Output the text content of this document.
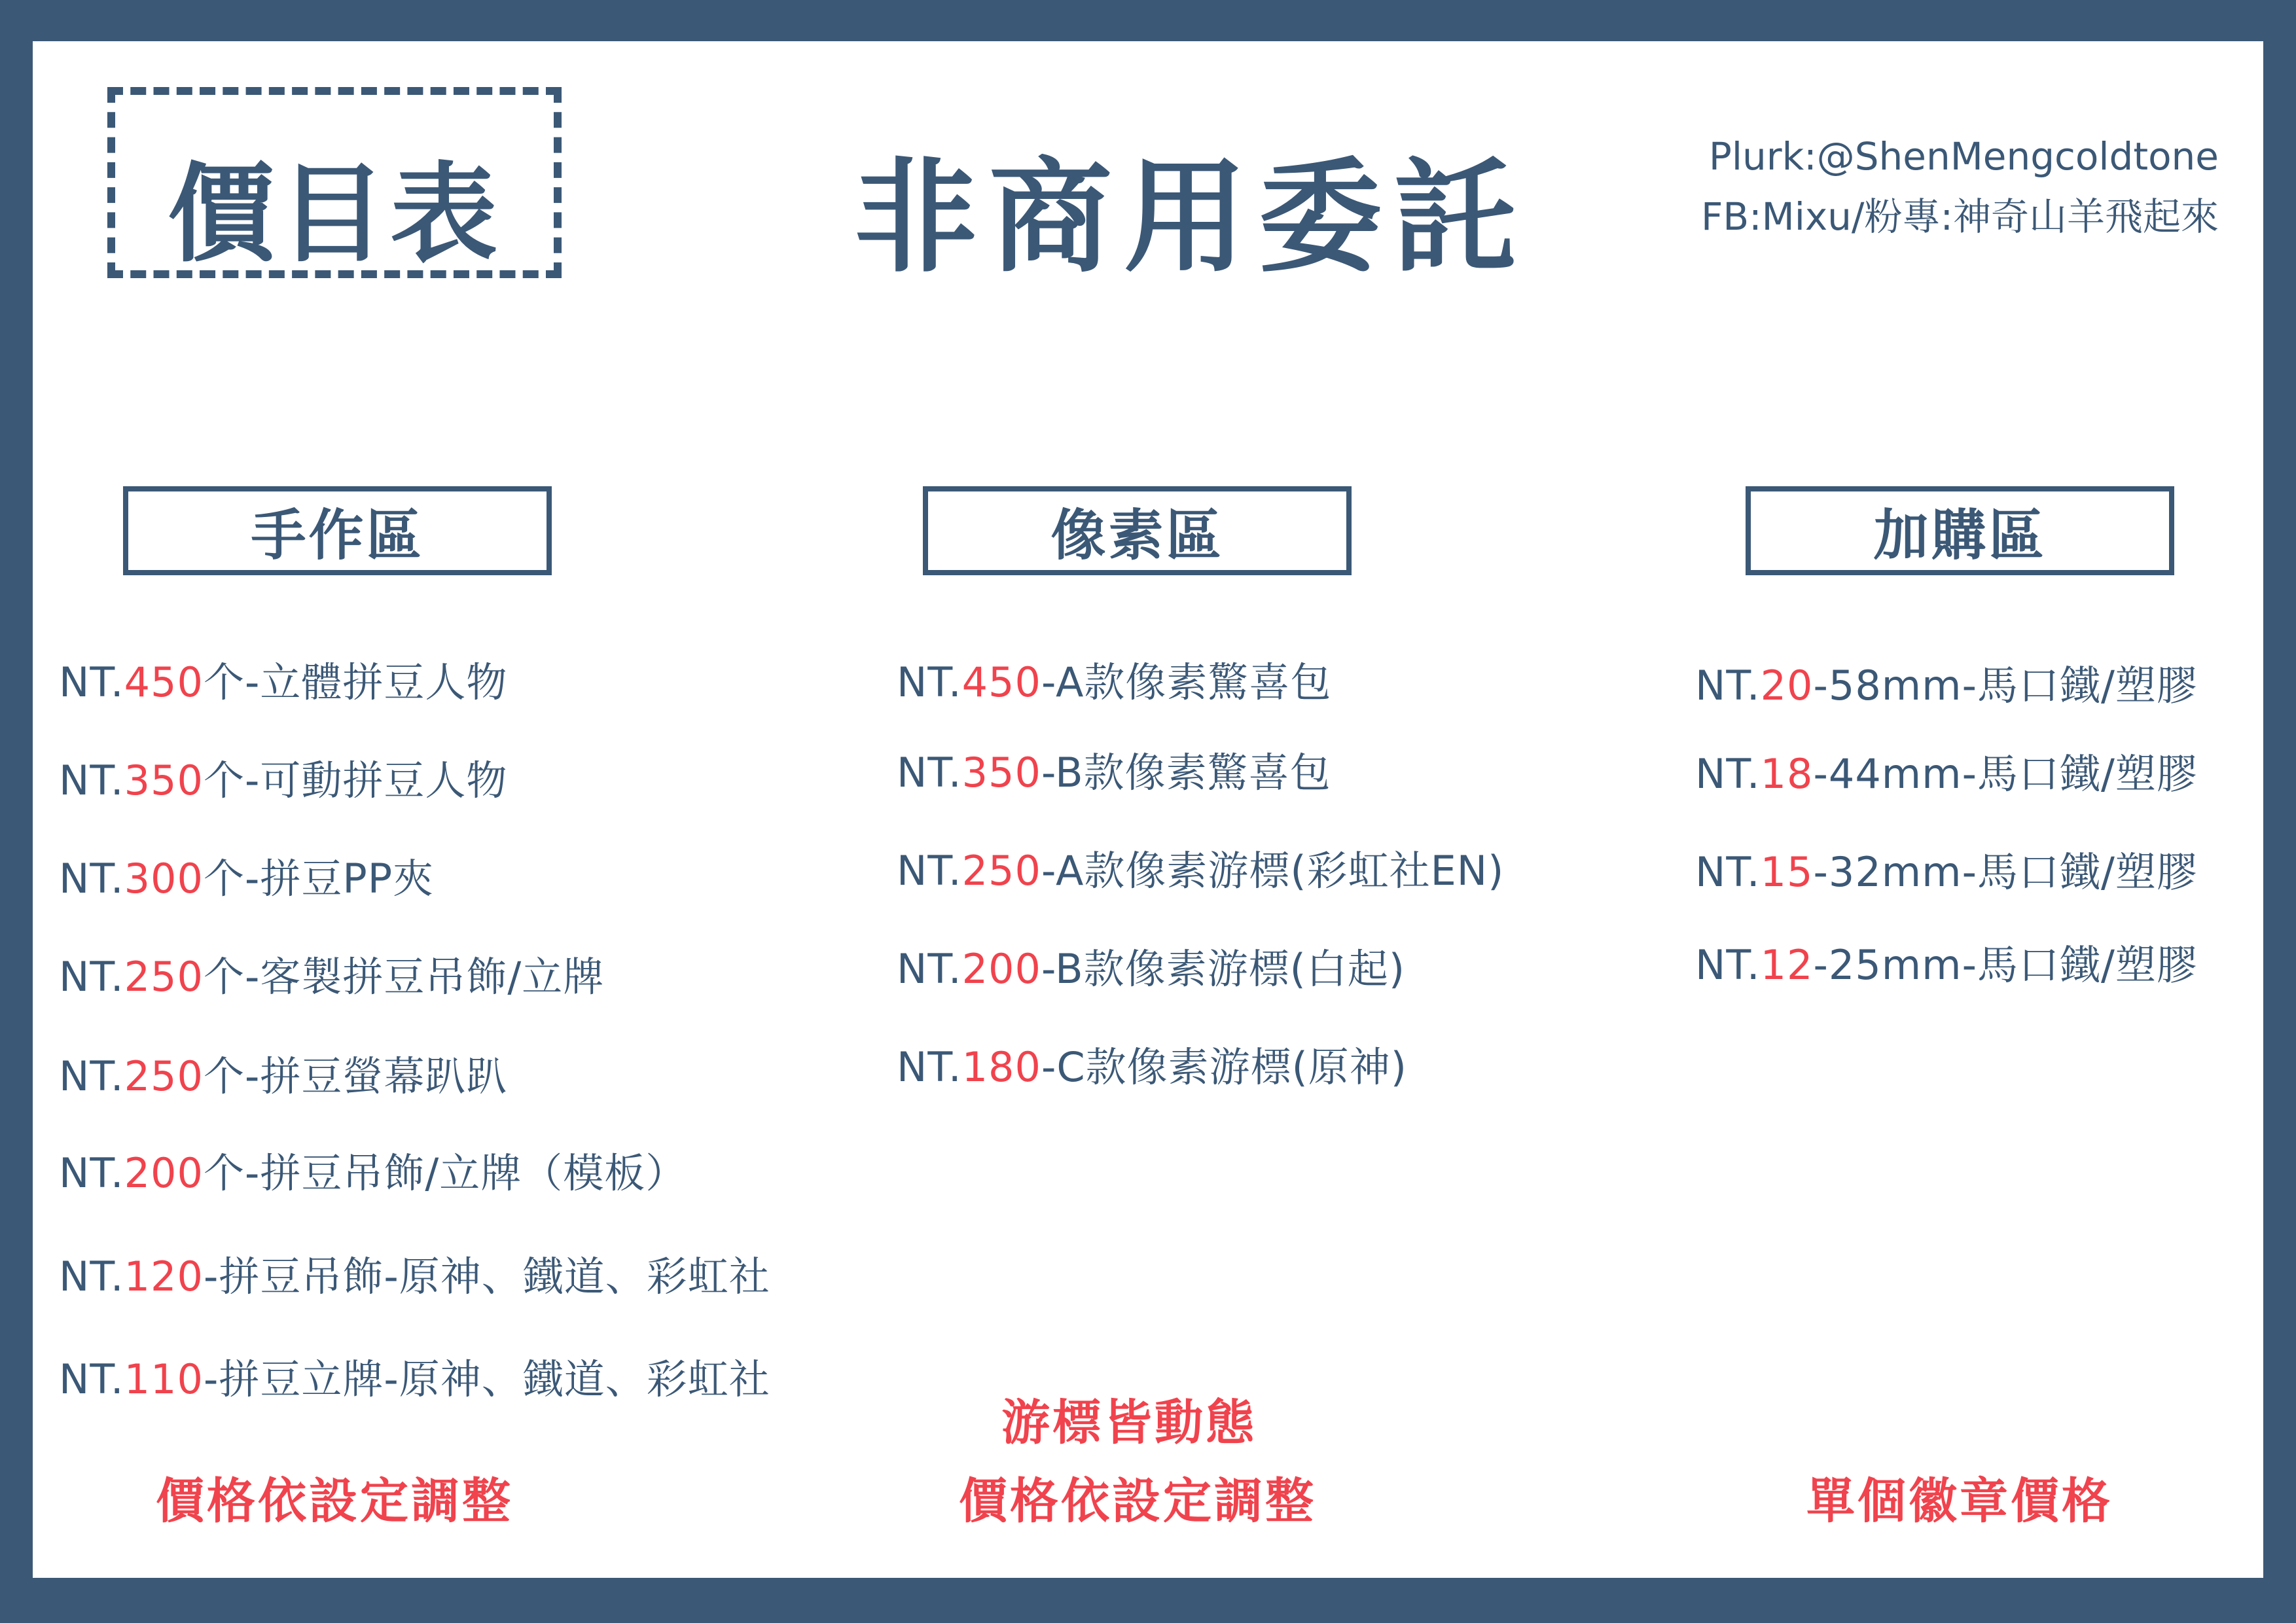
價目表	非商用委託	Plurk:@ShenMengcoldtone
FB:Mixu/粉專:神奇山羊飛起來
手作區	像素區	加購區
NT.450个-立體拼豆人物
NT.350个-可動拼豆人物
NT.300个-拼豆PP夾
NT.250个-客製拼豆吊飾/立牌
NT.250个-拼豆螢幕趴趴
NT.200个-拼豆吊飾/立牌（模板）
NT.120-拼豆吊飾-原神、鐵道、彩虹社
NT.110-拼豆立牌-原神、鐵道、彩虹社
NT.450-A款像素驚喜包
NT.350-B款像素驚喜包
NT.250-A款像素游標(彩虹社EN)
NT.200-B款像素游標(白起)
NT.180-C款像素游標(原神)
NT.20-58mm-馬口鐵/塑膠
NT.18-44mm-馬口鐵/塑膠
NT.15-32mm-馬口鐵/塑膠
NT.12-25mm-馬口鐵/塑膠
價格依設定調整
游標皆動態
價格依設定調整	單個徽章價格
